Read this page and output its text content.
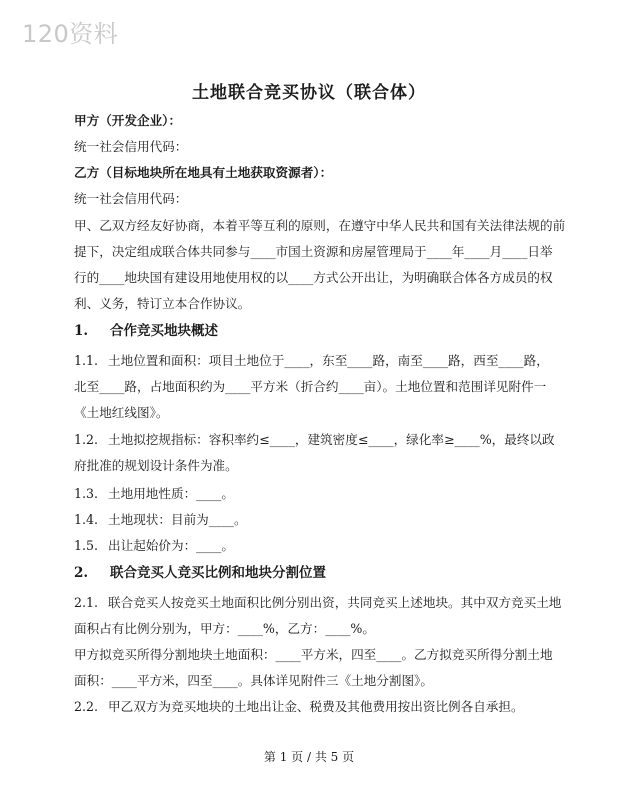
120资料
土地联合竞买协议（联合体）
甲方（开发企业）：
统一社会信用代码：
乙方（目标地块所在地具有土地获取资源者）：
统一社会信用代码：
甲、乙双方经友好协商，本着平等互利的原则，在遵守中华人民共和国有关法律法规的前
提下，决定组成联合体共同参与____市国土资源和房屋管理局于____年____月____日举
行的____地块国有建设用地使用权的以____方式公开出让，为明确联合体各方成员的权
利、义务，特订立本合作协议。
1. 合作竞买地块概述
1.1. 土地位置和面积：项目土地位于____，东至____路，南至____路，西至____路，
北至____路，占地面积约为____平方米（折合约____亩）。土地位置和范围详见附件一
《土地红线图》。
1.2. 土地拟挖规指标：容积率约≤____，建筑密度≤____，绿化率≥____%，最终以政
府批准的规划设计条件为准。
1.3. 土地用地性质：____。
1.4. 土地现状：目前为____。
1.5. 出让起始价为：____。
2. 联合竞买人竞买比例和地块分割位置
2.1. 联合竞买人按竞买土地面积比例分别出资，共同竞买上述地块。其中双方竞买土地
面积占有比例分别为，甲方：____%，乙方：____%。
甲方拟竞买所得分割地块土地面积：____平方米，四至____。乙方拟竞买所得分割土地
面积：____平方米，四至____。具体详见附件三《土地分割图》。
2.2. 甲乙双方为竞买地块的土地出让金、税费及其他费用按出资比例各自承担。
第 1 页 / 共 5 页
